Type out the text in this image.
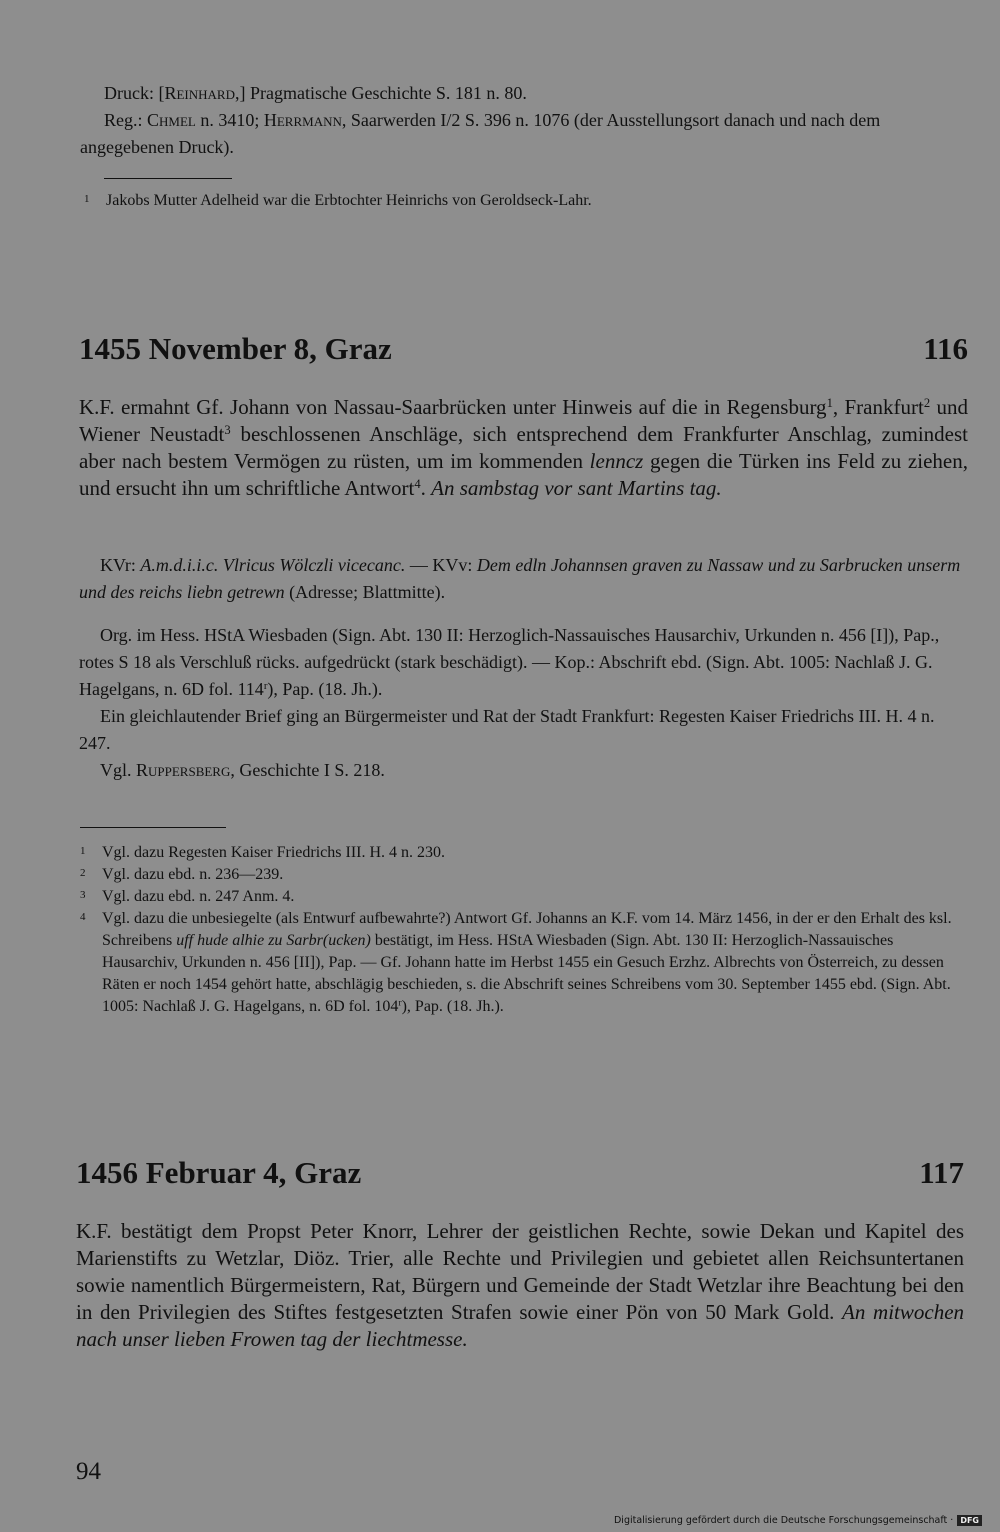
Druck: [Reinhard,] Pragmatische Geschichte S. 181 n. 80.

Reg.: Chmel n. 3410; Herrmann, Saarwerden I/2 S. 396 n. 1076 (der Ausstellungsort danach und nach dem angegebenen Druck).

1	Jakobs Mutter Adelheid war die Erbtochter Heinrichs von Geroldseck-Lahr.
1455 November 8, Graz	116

K.F. ermahnt Gf. Johann von Nassau-Saarbrücken unter Hinweis auf die in Regensburg$^1$, Frankfurt$^2$ und Wiener Neustadt$^3$ beschlossenen Anschläge, sich entsprechend dem Frankfurter Anschlag, zumindest aber nach bestem Vermögen zu rüsten, um im kommenden lenncz gegen die Türken ins Feld zu ziehen, und ersucht ihn um schriftliche Antwort$^4$. An sambstag vor sant Martins tag.

KVr: A.m.d.i.i.c. Vlricus Wölczli vicecanc. — KVv: Dem edln Johannsen graven zu Nassaw und zu Sarbrucken unserm und des reichs liebn getrewn (Adresse; Blattmitte).

Org. im Hess. HStA Wiesbaden (Sign. Abt. 130 II: Herzoglich-Nassauisches Hausarchiv, Urkunden n. 456 [I]), Pap., rotes S 18 als Verschluß rücks. aufgedrückt (stark beschädigt). — Kop.: Abschrift ebd. (Sign. Abt. 1005: Nachlaß J. G. Hagelgans, n. 6D fol. 114$^r$), Pap. (18. Jh.).

Ein gleichlautender Brief ging an Bürgermeister und Rat der Stadt Frankfurt: Regesten Kaiser Friedrichs III. H. 4 n. 247.

Vgl. Ruppersberg, Geschichte I S. 218.

1	Vgl. dazu Regesten Kaiser Friedrichs III. H. 4 n. 230.
2	Vgl. dazu ebd. n. 236—239.
3	Vgl. dazu ebd. n. 247 Anm. 4.
4	Vgl. dazu die unbesiegelte (als Entwurf aufbewahrte?) Antwort Gf. Johanns an K.F. vom 14. März 1456, in der er den Erhalt des ksl. Schreibens uff hude alhie zu Sarbr(ucken) bestätigt, im Hess. HStA Wiesbaden (Sign. Abt. 130 II: Herzoglich-Nassauisches Hausarchiv, Urkunden n. 456 [II]), Pap. — Gf. Johann hatte im Herbst 1455 ein Gesuch Erzhz. Albrechts von Österreich, zu dessen Räten er noch 1454 gehört hatte, abschlägig beschieden, s. die Abschrift seines Schreibens vom 30. September 1455 ebd. (Sign. Abt. 1005: Nachlaß J. G. Hagelgans, n. 6D fol. 104$^r$), Pap. (18. Jh.).
1456 Februar 4, Graz	117

K.F. bestätigt dem Propst Peter Knorr, Lehrer der geistlichen Rechte, sowie Dekan und Kapitel des Marienstifts zu Wetzlar, Diöz. Trier, alle Rechte und Privilegien und gebietet allen Reichsuntertanen sowie namentlich Bürgermeistern, Rat, Bürgern und Gemeinde der Stadt Wetzlar ihre Beachtung bei den in den Privilegien des Stiftes festgesetzten Strafen sowie einer Pön von 50 Mark Gold. An mitwochen nach unser lieben Frowen tag der liechtmesse.

94
Digitalisierung gefördert durch die Deutsche Forschungsgemeinschaft · DFG
